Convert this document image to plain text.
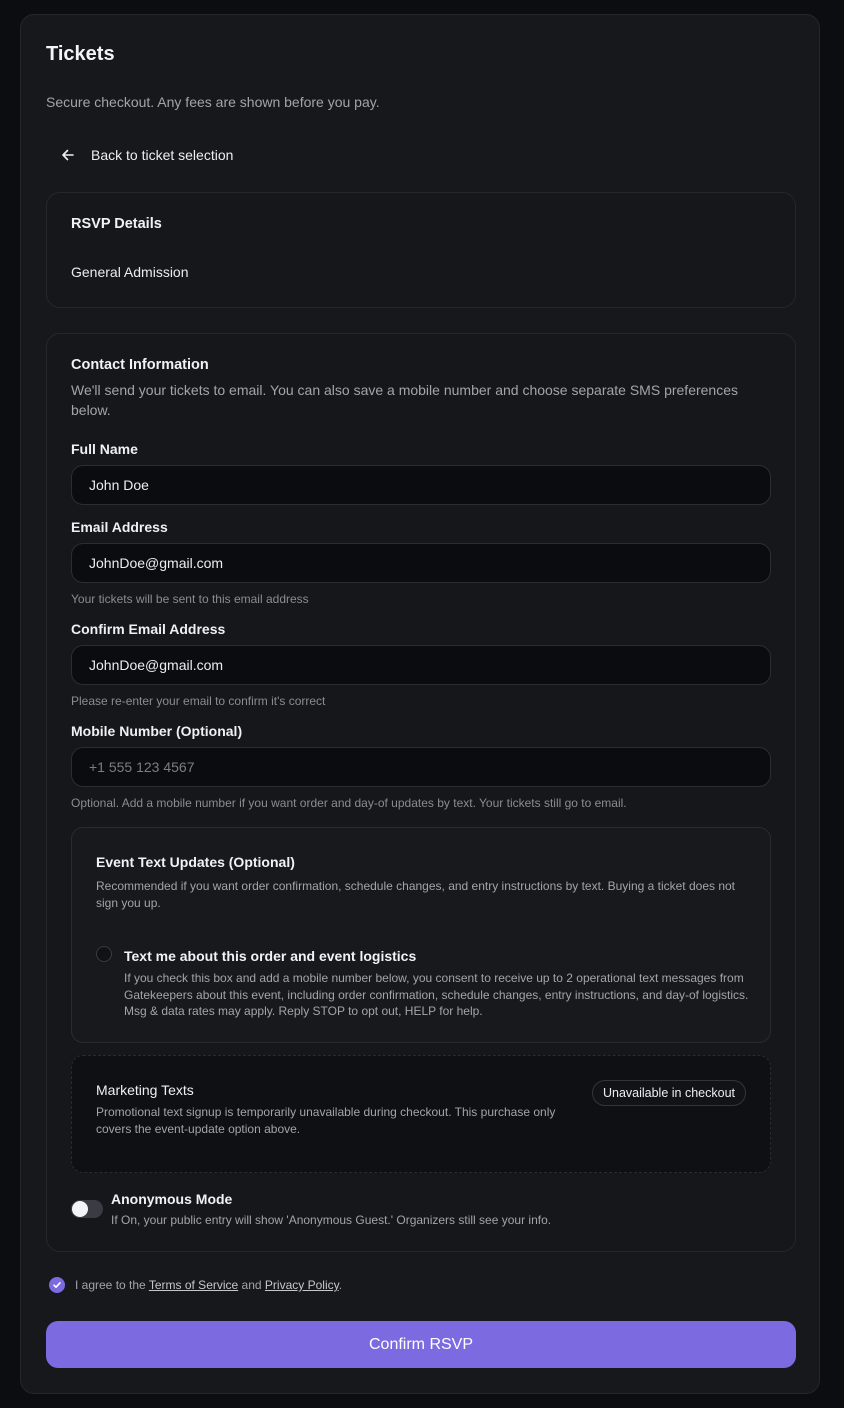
Tickets
Secure checkout. Any fees are shown before you pay.
Back to ticket selection
RSVP Details
General Admission
Contact Information
We'll send your tickets to email. You can also save a mobile number and choose separate SMS preferences below.
Full Name
John Doe
Email Address
JohnDoe@gmail.com
Your tickets will be sent to this email address
Confirm Email Address
JohnDoe@gmail.com
Please re-enter your email to confirm it's correct
Mobile Number (Optional)
+1 555 123 4567
Optional. Add a mobile number if you want order and day-of updates by text. Your tickets still go to email.
Event Text Updates (Optional)
Recommended if you want order confirmation, schedule changes, and entry instructions by text. Buying a ticket does not sign you up.
Text me about this order and event logistics
If you check this box and add a mobile number below, you consent to receive up to 2 operational text messages from Gatekeepers about this event, including order confirmation, schedule changes, entry instructions, and day-of logistics. Msg & data rates may apply. Reply STOP to opt out, HELP for help.
Marketing Texts
Promotional text signup is temporarily unavailable during checkout. This purchase only covers the event-update option above.
Unavailable in checkout
Anonymous Mode
If On, your public entry will show 'Anonymous Guest.' Organizers still see your info.
I agree to the Terms of Service and Privacy Policy.
Confirm RSVP
